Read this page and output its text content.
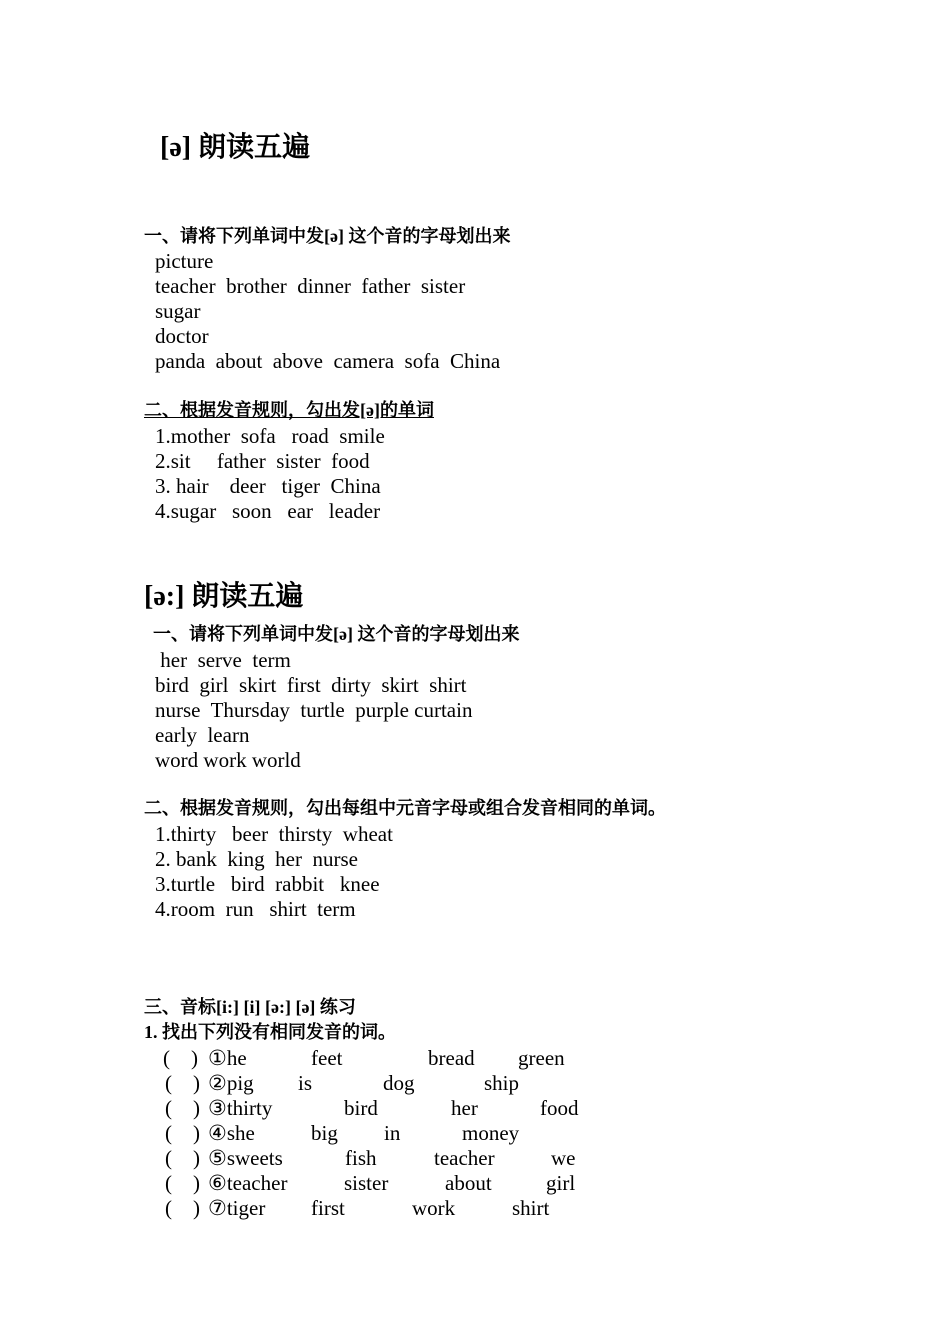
[ə] 朗读五遍
一、请将下列单词中发[ə] 这个音的字母划出来
picture
teacher  brother  dinner  father  sister
sugar
doctor
panda  about  above  camera  sofa  China
二、根据发音规则，勾出发[ə]的单词
1.mother  sofa   road  smile
2.sit     father  sister  food
3. hair    deer   tiger  China
4.sugar   soon   ear   leader
[ə:] 朗读五遍
一、请将下列单词中发[ə] 这个音的字母划出来
her  serve  term
bird  girl  skirt  first  dirty  skirt  shirt
nurse  Thursday  turtle  purple curtain
early  learn
word work world
二、根据发音规则，勾出每组中元音字母或组合发音相同的单词。
1.thirty   beer  thirsty  wheat
2. bank  king  her  nurse
3.turtle   bird  rabbit   knee
4.room  run   shirt  term
三、音标[i:] [i] [ə:] [ə] 练习
1. 找出下列没有相同发音的词。
(    ) ①he	feet	bread green
(    ) ②pig is	dog	ship
(    ) ③thirty	bird	her	food
(    ) ④she	big in	money
(    ) ⑤sweets	fish	teacher	we
(    ) ⑥teacher	sister	about	girl
(    ) ⑦tiger first	work	shirt
